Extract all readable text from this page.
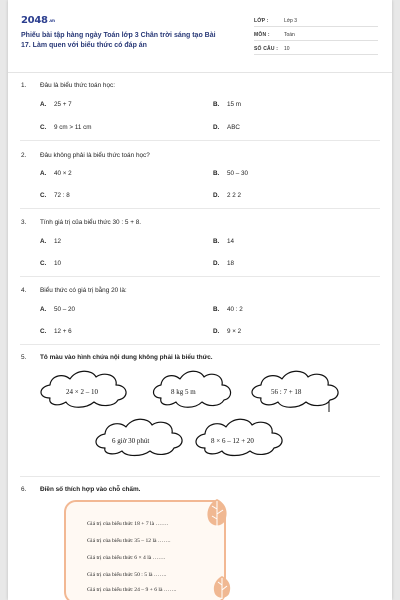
$2048^{.vn}$
Phiếu bài tập hàng ngày Toán lớp 3 Chân trời sáng tạo Bài
17. Làm quen với biểu thức có đáp án
LỚP :	Lớp 3
MÔN :	Toán
SỐ CÂU : 10
1.	Đâu là biểu thức toán học:
A. 25 + 7	B. 15 m
C. 9 cm > 11 cm	D. ABC
2.	Đâu không phải là biểu thức toán học?
A. 40 × 2	B. 50 – 30
C. 72 : 8	D. 2 2 2
3.	Tính giá trị của biểu thức 30 : 5 + 8.
A. 12	B. 14
C. 10	D. 18
4.	Biểu thức có giá trị bằng 20 là:
A. 50 – 20	B. 40 : 2
C. 12 + 6	D. 9 × 2
5.	Tô màu vào hình chứa nội dung không phải là biểu thức.
24 × 2 – 10	8 kg 5 m	56 : 7 + 18
6 giờ 30 phút	8 × 6 – 12 + 20
6.	Điền số thích hợp vào chỗ chấm.
Giá trị của biểu thức 18 + 7 là …….
Giá trị của biểu thức 35 – 12 là …….
Giá trị của biểu thức 6 × 4 là …….
Giá trị của biểu thức 50 : 5 là …….
Giá trị của biểu thức 24 – 9 + 6 là …….
